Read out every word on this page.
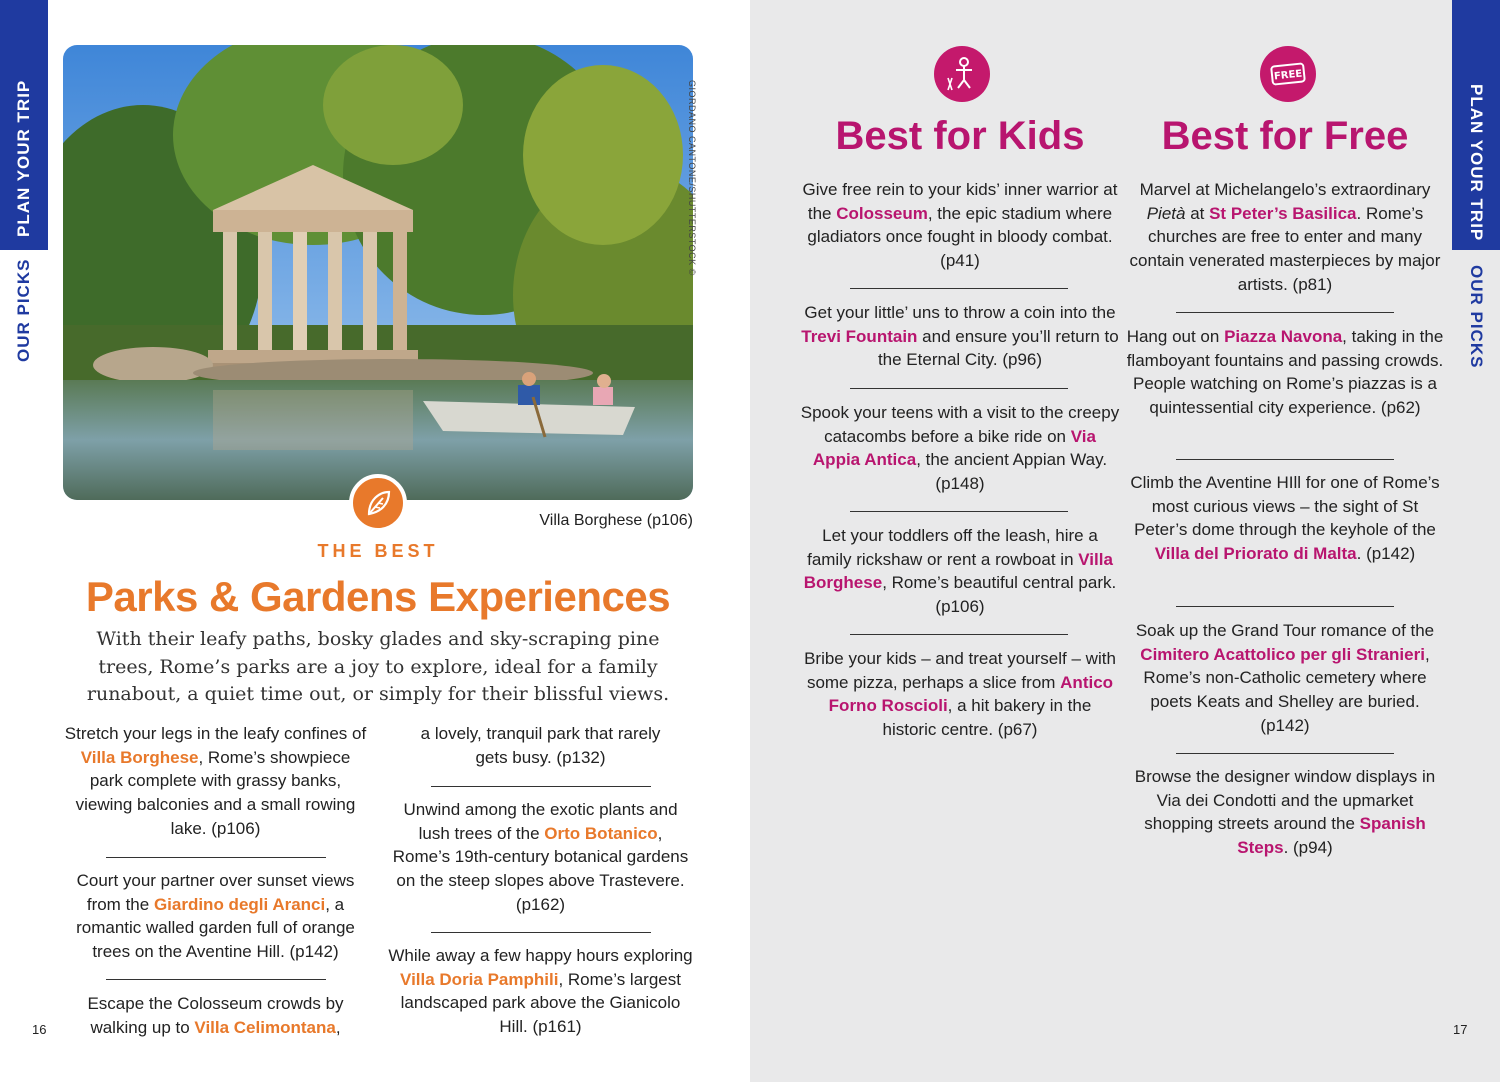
PLAN YOUR TRIP
OUR PICKS
GIORDANO CANTONE/SHUTTERSTOCK ©
Villa Borghese (p106)
THE BEST
Parks & Gardens Experiences
With their leafy paths, bosky glades and sky-scraping pine trees, Rome’s parks are a joy to explore, ideal for a family runabout, a quiet time out, or simply for their blissful views.
Stretch your legs in the leafy confines of Villa Borghese, Rome’s showpiece park complete with grassy banks, viewing balconies and a small rowing lake. (p106)
Court your partner over sunset views from the Giardino degli Aranci, a romantic walled garden full of orange trees on the Aventine Hill. (p142)
Escape the Colosseum crowds by walking up to Villa Celimontana,
a lovely, tranquil park that rarely gets busy. (p132)
Unwind among the exotic plants and lush trees of the Orto Botanico, Rome’s 19th-century botanical gardens on the steep slopes above Trastevere. (p162)
While away a few happy hours exploring Villa Doria Pamphili, Rome’s largest landscaped park above the Gianicolo Hill. (p161)
16
Best for Kids
Give free rein to your kids’ inner warrior at the Colosseum, the epic stadium where gladiators once fought in bloody combat. (p41)
Get your little’ uns to throw a coin into the Trevi Fountain and ensure you’ll return to the Eternal City. (p96)
Spook your teens with a visit to the creepy catacombs before a bike ride on Via Appia Antica, the ancient Appian Way. (p148)
Let your toddlers off the leash, hire a family rickshaw or rent a rowboat in Villa Borghese, Rome’s beautiful central park. (p106)
Bribe your kids – and treat yourself – with some pizza, perhaps a slice from Antico Forno Roscioli, a hit bakery in the historic centre. (p67)
FREE
Best for Free
Marvel at Michelangelo’s extraordinary Pietà at St Peter’s Basilica. Rome’s churches are free to enter and many contain venerated masterpieces by major artists. (p81)
Hang out on Piazza Navona, taking in the flamboyant fountains and passing crowds. People watching on Rome’s piazzas is a quintessential city experience. (p62)
Climb the Aventine HIll for one of Rome’s most curious views – the sight of St Peter’s dome through the keyhole of the Villa del Priorato di Malta. (p142)
Soak up the Grand Tour romance of the Cimitero Acattolico per gli Stranieri, Rome’s non-Catholic cemetery where poets Keats and Shelley are buried. (p142)
Browse the designer window displays in Via dei Condotti and the upmarket shopping streets around the Spanish Steps. (p94)
PLAN YOUR TRIP
OUR PICKS
17
